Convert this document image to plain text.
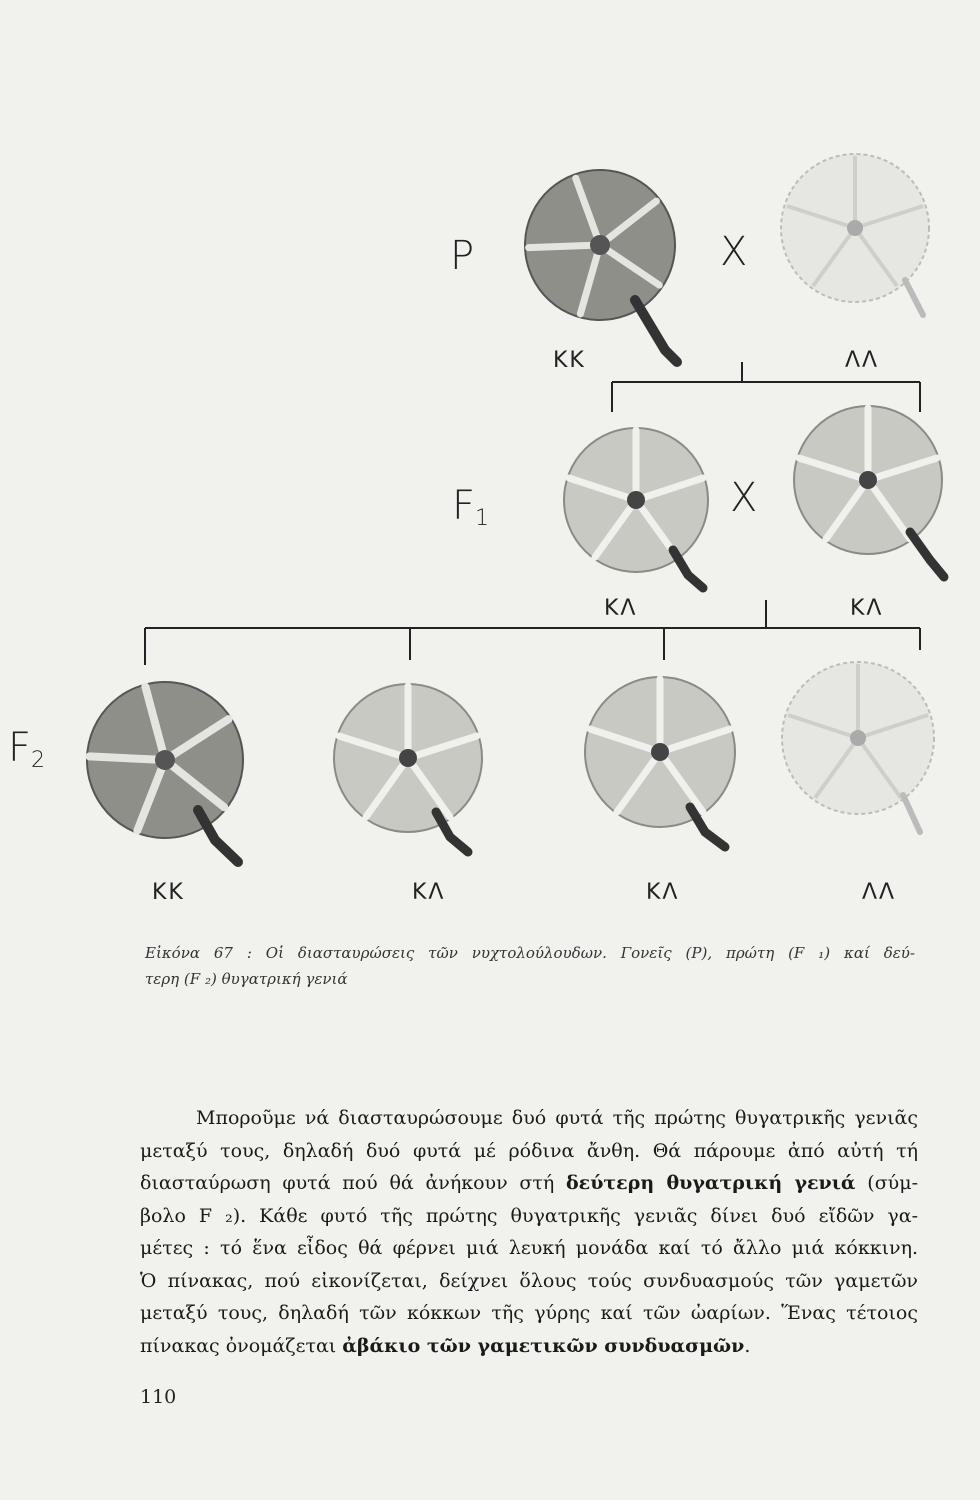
P	X
KK	ΛΛ
$F_1$	X
ΚΛ	ΚΛ
$F_2$
KK	ΚΛ	ΚΛ	ΛΛ
Εἰκόνα 67 : Οἱ διασταυρώσεις τῶν νυχτολούλουδων. Γονεῖς (Ρ), πρώτη (F ₁) καί δεύ-
τερη (F ₂) θυγατρική γενιά
Μποροῦμε νά διασταυρώσουμε δυό φυτά τῆς πρώτης θυγατρικῆς γενιᾶς
μεταξύ τους, δηλαδή δυό φυτά μέ ρόδινα ἄνθη. Θά πάρουμε ἀπό αὐτή τή
διασταύρωση φυτά πού θά ἀνήκουν στή δεύτερη θυγατρική γενιά (σύμ-
βολο F ₂). Κάθε φυτό τῆς πρώτης θυγατρικῆς γενιᾶς δίνει δυό εἴδῶν γα-
μέτες : τό ἕνα εἶδος θά φέρνει μιά λευκή μονάδα καί τό ἄλλο μιά κόκκινη.
Ὁ πίνακας, πού εἰκονίζεται, δείχνει ὅλους τούς συνδυασμούς τῶν γαμετῶν
μεταξύ τους, δηλαδή τῶν κόκκων τῆς γύρης καί τῶν ὠαρίων. Ἕνας τέτοιος
πίνακας ὀνομάζεται ἀβάκιο τῶν γαμετικῶν συνδυασμῶν.
110
